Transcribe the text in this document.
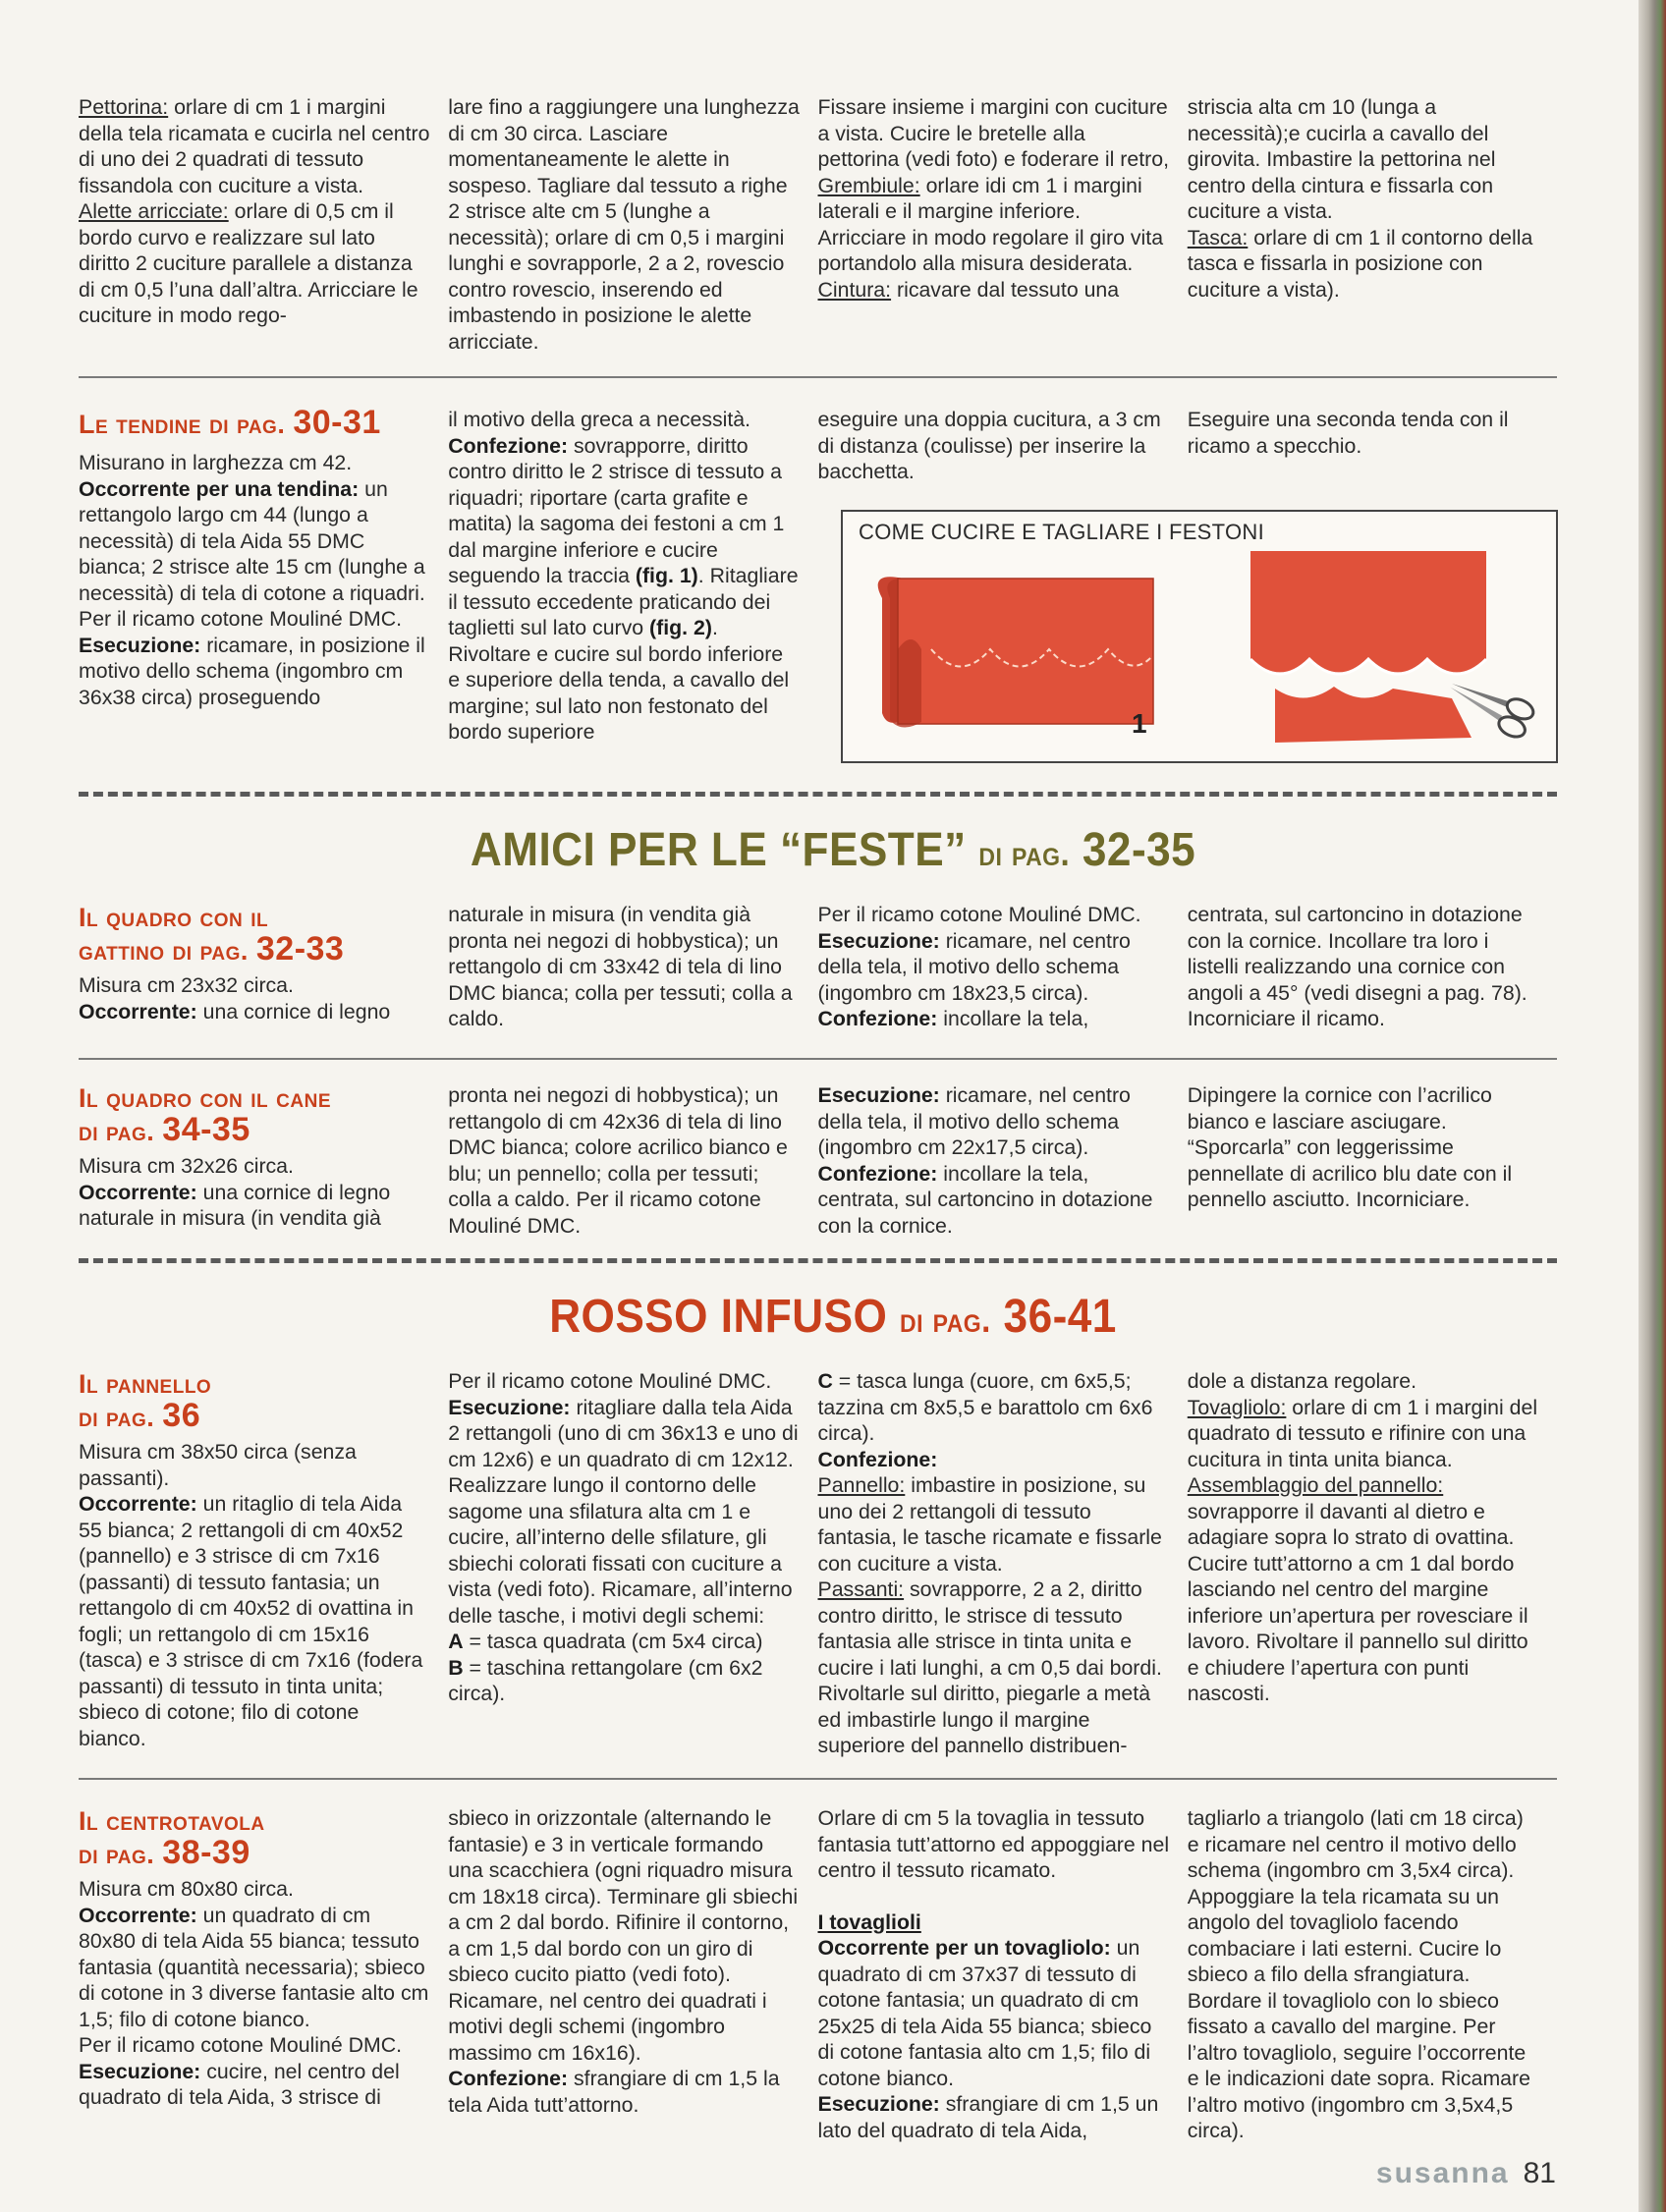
Pettorina: orlare di cm 1 i margini della tela ricamata e cucirla nel centro di uno dei 2 quadrati di tessuto fissandola con cuciture a vista.

Alette arricciate: orlare di 0,5 cm il bordo curvo e realizzare sul lato diritto 2 cuciture parallele a distanza di cm 0,5 l’una dall’altra. Arricciare le cuciture in modo rego-

lare fino a raggiungere una lunghezza di cm 30 circa. Lasciare momentaneamente le alette in sospeso. Tagliare dal tessuto a righe 2 strisce alte cm 5 (lunghe a necessità); orlare di cm 0,5 i margini lunghi e sovrapporle, 2 a 2, rovescio contro rovescio, inserendo ed imbastendo in posizione le alette arricciate.

Fissare insieme i margini con cuciture a vista. Cucire le bretelle alla pettorina (vedi foto) e foderare il retro,

Grembiule: orlare idi cm 1 i margini laterali e il margine inferiore. Arricciare in modo regolare il giro vita portandolo alla misura desiderata.

Cintura: ricavare dal tessuto una

striscia alta cm 10 (lunga a necessità);e cucirla a cavallo del girovita. Imbastire la pettorina nel centro della cintura e fissarla con cuciture a vista.

Tasca: orlare di cm 1 il contorno della tasca e fissarla in posizione con cuciture a vista).

Le tendine di pag. 30-31

Misurano in larghezza cm 42.

Occorrente per una tendina: un rettangolo largo cm 44 (lungo a necessità) di tela Aida 55 DMC bianca; 2 strisce alte 15 cm (lunghe a necessità) di tela di cotone a riquadri.

Per il ricamo cotone Mouliné DMC.

Esecuzione: ricamare, in posizione il motivo dello schema (ingombro cm 36x38 circa) proseguendo

il motivo della greca a necessità.

Confezione: sovrapporre, diritto contro diritto le 2 strisce di tessuto a riquadri; riportare (carta grafite e matita) la sagoma dei festoni a cm 1 dal margine inferiore e cucire seguendo la traccia (fig. 1). Ritagliare il tessuto eccedente praticando dei taglietti sul lato curvo (fig. 2). Rivoltare e cucire sul bordo inferiore e superiore della tenda, a cavallo del margine; sul lato non festonato del bordo superiore

eseguire una doppia cucitura, a 3 cm di distanza (coulisse) per inserire la bacchetta.

Eseguire una seconda tenda con il ricamo a specchio.

COME CUCIRE E TAGLIARE I FESTONI
1
AMICI PER LE “FESTE” di pag. 32-35
Il quadro con il
gattino di pag. 32-33

Misura cm 23x32 circa.

Occorrente: una cornice di legno

naturale in misura (in vendita già pronta nei negozi di hobbystica); un rettangolo di cm 33x42 di tela di lino DMC bianca; colla per tessuti; colla a caldo.

Per il ricamo cotone Mouliné DMC.

Esecuzione: ricamare, nel centro della tela, il motivo dello schema (ingombro cm 18x23,5 circa).

Confezione: incollare la tela,

centrata, sul cartoncino in dotazione con la cornice. Incollare tra loro i listelli realizzando una cornice con angoli a 45° (vedi disegni a pag. 78). Incorniciare il ricamo.

Il quadro con il cane
di pag. 34-35

Misura cm 32x26 circa.

Occorrente: una cornice di legno naturale in misura (in vendita già

pronta nei negozi di hobbystica); un rettangolo di cm 42x36 di tela di lino DMC bianca; colore acrilico bianco e blu; un pennello; colla per tessuti; colla a caldo. Per il ricamo cotone Mouliné DMC.

Esecuzione: ricamare, nel centro della tela, il motivo dello schema (ingombro cm 22x17,5 circa).

Confezione: incollare la tela, centrata, sul cartoncino in dotazione con la cornice.

Dipingere la cornice con l’acrilico bianco e lasciare asciugare. “Sporcarla” con leggerissime pennellate di acrilico blu date con il pennello asciutto. Incorniciare.

ROSSO INFUSO di pag. 36-41
Il pannello
di pag. 36

Misura cm 38x50 circa (senza passanti).

Occorrente: un ritaglio di tela Aida 55 bianca; 2 rettangoli di cm 40x52 (pannello) e 3 strisce di cm 7x16 (passanti) di tessuto fantasia; un rettangolo di cm 40x52 di ovattina in fogli; un rettangolo di cm 15x16 (tasca) e 3 strisce di cm 7x16 (fodera passanti) di tessuto in tinta unita; sbieco di cotone; filo di cotone bianco.

Per il ricamo cotone Mouliné DMC.

Esecuzione: ritagliare dalla tela Aida 2 rettangoli (uno di cm 36x13 e uno di cm 12x6) e un quadrato di cm 12x12. Realizzare lungo il contorno delle sagome una sfilatura alta cm 1 e cucire, all’interno delle sfilature, gli sbiechi colorati fissati con cuciture a vista (vedi foto). Ricamare, all’interno delle tasche, i motivi degli schemi:

A = tasca quadrata (cm 5x4 circa)

B = taschina rettangolare (cm 6x2 circa).

C = tasca lunga (cuore, cm 6x5,5; tazzina cm 8x5,5 e barattolo cm 6x6 circa).

Confezione:

Pannello: imbastire in posizione, su uno dei 2 rettangoli di tessuto fantasia, le tasche ricamate e fissarle con cuciture a vista.

Passanti: sovrapporre, 2 a 2, diritto contro diritto, le strisce di tessuto fantasia alle strisce in tinta unita e cucire i lati lunghi, a cm 0,5 dai bordi. Rivoltarle sul diritto, piegarle a metà ed imbastirle lungo il margine superiore del pannello distribuen-

dole a distanza regolare.

Tovagliolo: orlare di cm 1 i margini del quadrato di tessuto e rifinire con una cucitura in tinta unita bianca.

Assemblaggio del pannello: sovrapporre il davanti al dietro e adagiare sopra lo strato di ovattina. Cucire tutt’attorno a cm 1 dal bordo lasciando nel centro del margine inferiore un’apertura per rovesciare il lavoro. Rivoltare il pannello sul diritto e chiudere l’apertura con punti nascosti.

Il centrotavola
di pag. 38-39

Misura cm 80x80 circa.

Occorrente: un quadrato di cm 80x80 di tela Aida 55 bianca; tessuto fantasia (quantità necessaria); sbieco di cotone in 3 diverse fantasie alto cm 1,5; filo di cotone bianco.

Per il ricamo cotone Mouliné DMC.

Esecuzione: cucire, nel centro del quadrato di tela Aida, 3 strisce di

sbieco in orizzontale (alternando le fantasie) e 3 in verticale formando una scacchiera (ogni riquadro misura cm 18x18 circa). Terminare gli sbiechi a cm 2 dal bordo. Rifinire il contorno, a cm 1,5 dal bordo con un giro di sbieco cucito piatto (vedi foto). Ricamare, nel centro dei quadrati i motivi degli schemi (ingombro massimo cm 16x16).

Confezione: sfrangiare di cm 1,5 la tela Aida tutt’attorno.

Orlare di cm 5 la tovaglia in tessuto fantasia tutt’attorno ed appoggiare nel centro il tessuto ricamato.

I tovaglioli

Occorrente per un tovagliolo: un quadrato di cm 37x37 di tessuto di cotone fantasia; un quadrato di cm 25x25 di tela Aida 55 bianca; sbieco di cotone fantasia alto cm 1,5; filo di cotone bianco.

Esecuzione: sfrangiare di cm 1,5 un lato del quadrato di tela Aida,

tagliarlo a triangolo (lati cm 18 circa) e ricamare nel centro il motivo dello schema (ingombro cm 3,5x4 circa). Appoggiare la tela ricamata su un angolo del tovagliolo facendo combaciare i lati esterni. Cucire lo sbieco a filo della sfrangiatura. Bordare il tovagliolo con lo sbieco fissato a cavallo del margine. Per l’altro tovagliolo, seguire l’occorrente e le indicazioni date sopra. Ricamare l’altro motivo (ingombro cm 3,5x4,5 circa).

susanna 81
